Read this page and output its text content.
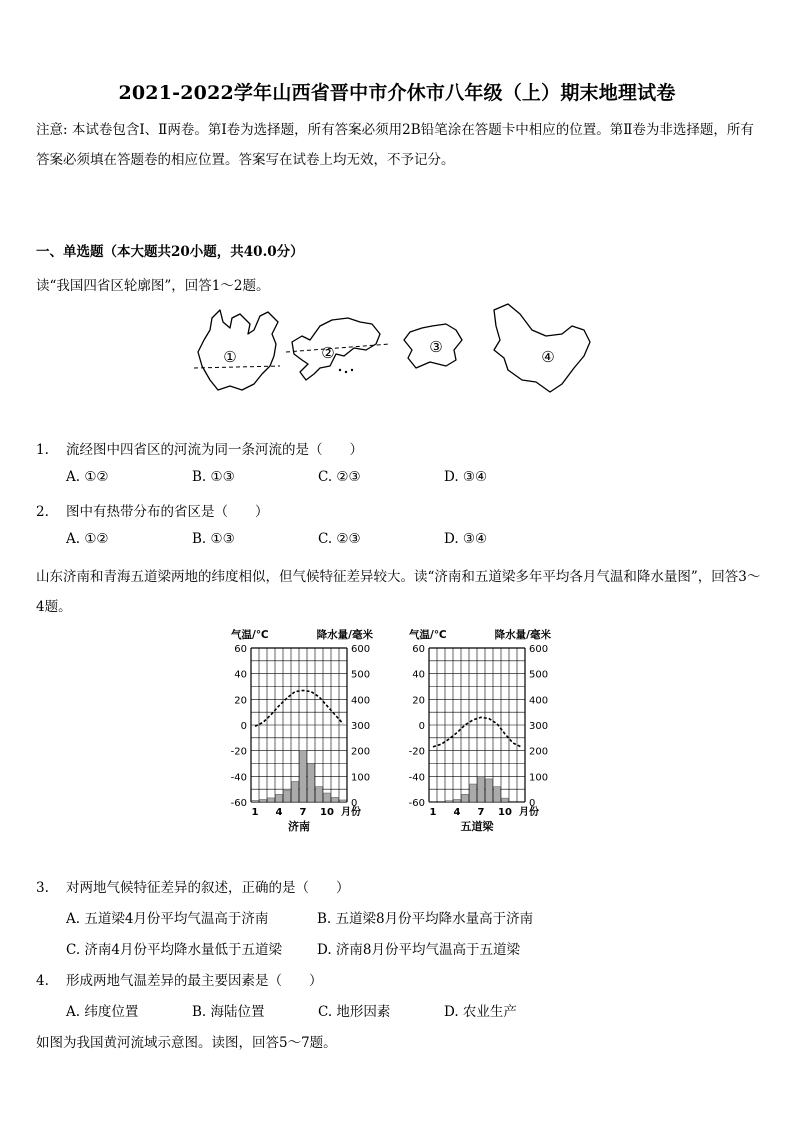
2021-2022学年山西省晋中市介休市八年级（上）期末地理试卷
注意: 本试卷包含Ⅰ、Ⅱ两卷。第Ⅰ卷为选择题，所有答案必须用2B铅笔涂在答题卡中相应的位置。第Ⅱ卷为非选择题，所有答案必须填在答题卷的相应位置。答案写在试卷上均无效，不予记分。
一、单选题（本大题共20小题，共40.0分）
读“我国四省区轮廓图”，回答1～2题。
①	②	③
④
1. 流经图中四省区的河流为同一条河流的是（　　）
A. ①②	B. ①③	C. ②③	D. ③④
2. 图中有热带分布的省区是（　　）
A. ①②	B. ①③	C. ②③	D. ③④
山东济南和青海五道梁两地的纬度相似，但气候特征差异较大。读“济南和五道梁多年平均各月气温和降水量图”，回答3～4题。
60
40
20
0
-20
-40
-60
600
500
400
300
200
100
0
1 4 7 10 月份
气温/℃	降水量/毫米
济南
60
40
20
0
-20
-40
-60
600
500
400
300
200
100
0
1 4 7 10 月份
气温/℃	降水量/毫米
五道梁
3. 对两地气候特征差异的叙述，正确的是（　　）
A. 五道梁4月份平均气温高于济南	B. 五道梁8月份平均降水量高于济南
C. 济南4月份平均降水量低于五道梁	D. 济南8月份平均气温高于五道梁
4. 形成两地气温差异的最主要因素是（　　）
A. 纬度位置	B. 海陆位置	C. 地形因素	D. 农业生产
如图为我国黄河流域示意图。读图，回答5～7题。
